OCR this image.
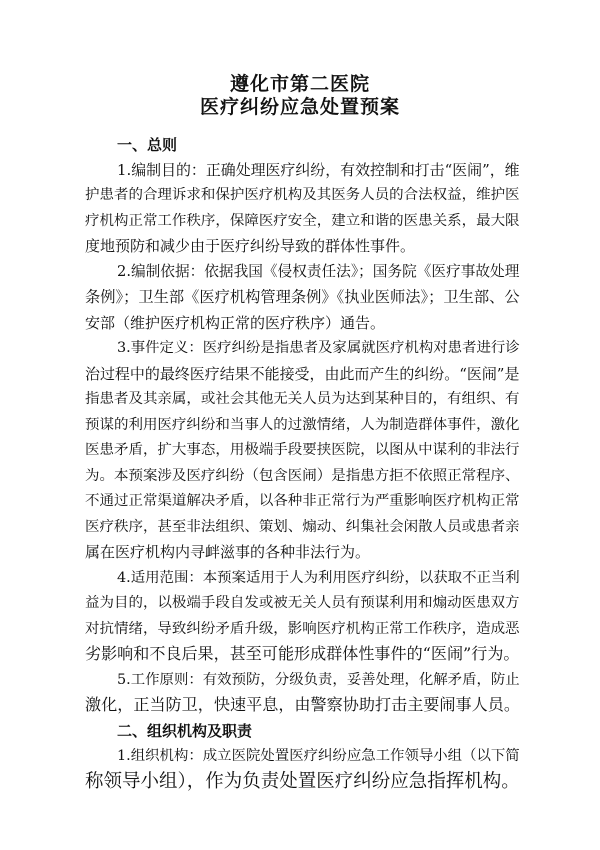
遵化市第二医院
医疗纠纷应急处置预案
一、总则
1.编制目的：正确处理医疗纠纷，有效控制和打击“医闹”，维
护患者的合理诉求和保护医疗机构及其医务人员的合法权益，维护医
疗机构正常工作秩序，保障医疗安全，建立和谐的医患关系，最大限
度地预防和减少由于医疗纠纷导致的群体性事件。
2.编制依据：依据我国《侵权责任法》；国务院《医疗事故处理
条例》；卫生部《医疗机构管理条例》《执业医师法》；卫生部、公
安部（维护医疗机构正常的医疗秩序）通告。
3.事件定义：医疗纠纷是指患者及家属就医疗机构对患者进行诊
治过程中的最终医疗结果不能接受，由此而产生的纠纷。“医闹”是
指患者及其亲属，或社会其他无关人员为达到某种目的，有组织、有
预谋的利用医疗纠纷和当事人的过激情绪，人为制造群体事件，激化
医患矛盾，扩大事态，用极端手段要挟医院，以图从中谋利的非法行
为。本预案涉及医疗纠纷（包含医闹）是指患方拒不依照正常程序、
不通过正常渠道解决矛盾，以各种非正常行为严重影响医疗机构正常
医疗秩序，甚至非法组织、策划、煽动、纠集社会闲散人员或患者亲
属在医疗机构内寻衅滋事的各种非法行为。
4.适用范围：本预案适用于人为利用医疗纠纷，以获取不正当利
益为目的，以极端手段自发或被无关人员有预谋利用和煽动医患双方
对抗情绪，导致纠纷矛盾升级，影响医疗机构正常工作秩序，造成恶
劣影响和不良后果，甚至可能形成群体性事件的“医闹”行为。
5.工作原则：有效预防，分级负责，妥善处理，化解矛盾，防止
激化，正当防卫，快速平息，由警察协助打击主要闹事人员。
二、组织机构及职责
1.组织机构：成立医院处置医疗纠纷应急工作领导小组（以下简
称领导小组），作为负责处置医疗纠纷应急指挥机构。
